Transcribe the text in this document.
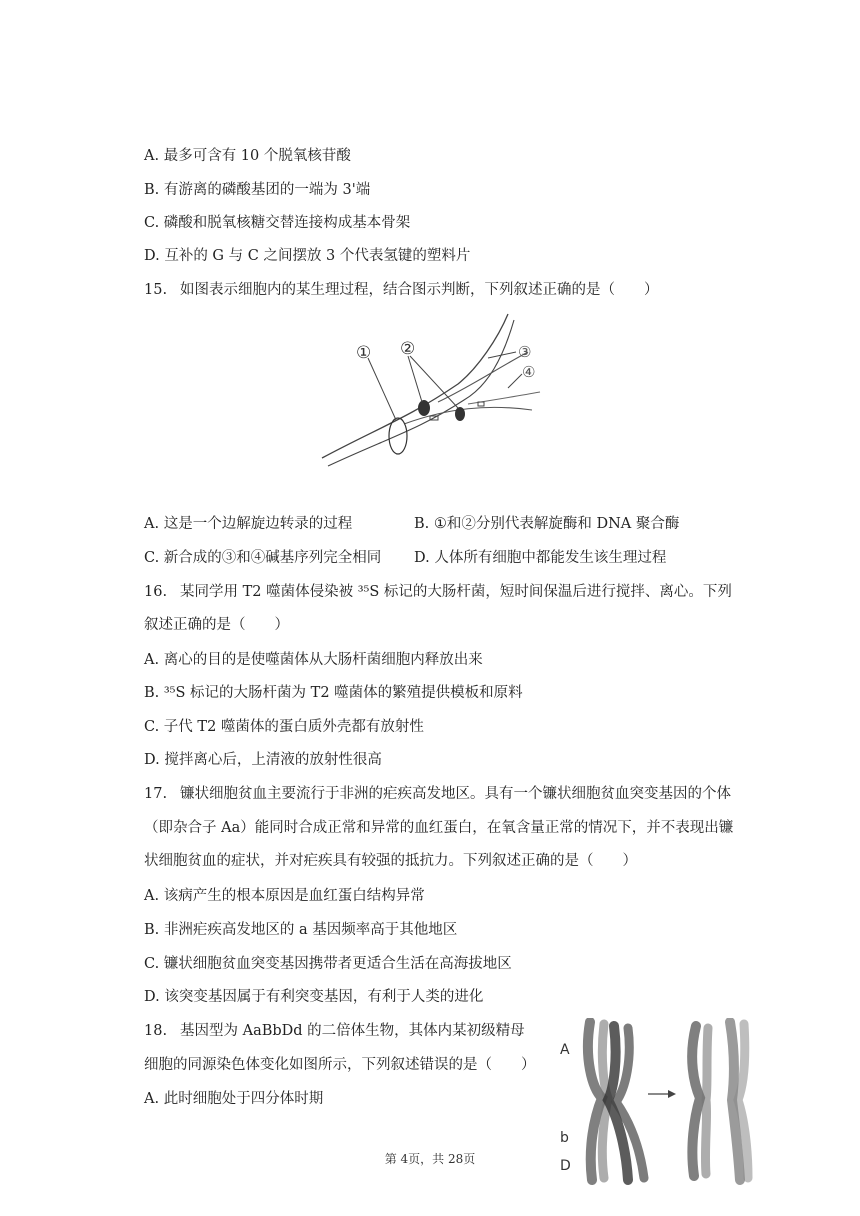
A. 最多可含有 10 个脱氧核苷酸
B. 有游离的磷酸基团的一端为 3'端
C. 磷酸和脱氧核糖交替连接构成基本骨架
D. 互补的 G 与 C 之间摆放 3 个代表氢键的塑料片
15. 如图表示细胞内的某生理过程，结合图示判断，下列叙述正确的是（　　）
① ②	③
④
A. 这是一个边解旋边转录的过程	B. ①和②分别代表解旋酶和 DNA 聚合酶
C. 新合成的③和④碱基序列完全相同 D. 人体所有细胞中都能发生该生理过程
16. 某同学用 T2 噬菌体侵染被 ³⁵S 标记的大肠杆菌，短时间保温后进行搅拌、离心。下列
叙述正确的是（　　）
A. 离心的目的是使噬菌体从大肠杆菌细胞内释放出来
B. ³⁵S 标记的大肠杆菌为 T2 噬菌体的繁殖提供模板和原料
C. 子代 T2 噬菌体的蛋白质外壳都有放射性
D. 搅拌离心后，上清液的放射性很高
17. 镰状细胞贫血主要流行于非洲的疟疾高发地区。具有一个镰状细胞贫血突变基因的个体
（即杂合子 Aa）能同时合成正常和异常的血红蛋白，在氧含量正常的情况下，并不表现出镰
状细胞贫血的症状，并对疟疾具有较强的抵抗力。下列叙述正确的是（　　）
A. 该病产生的根本原因是血红蛋白结构异常
B. 非洲疟疾高发地区的 a 基因频率高于其他地区
C. 镰状细胞贫血突变基因携带者更适合生活在高海拔地区
D. 该突变基因属于有利突变基因，有利于人类的进化
18. 基因型为 AaBbDd 的二倍体生物，其体内某初级精母
细胞的同源染色体变化如图所示，下列叙述错误的是（　　）
A. 此时细胞处于四分体时期
A
b
D
第 4页，共 28页
